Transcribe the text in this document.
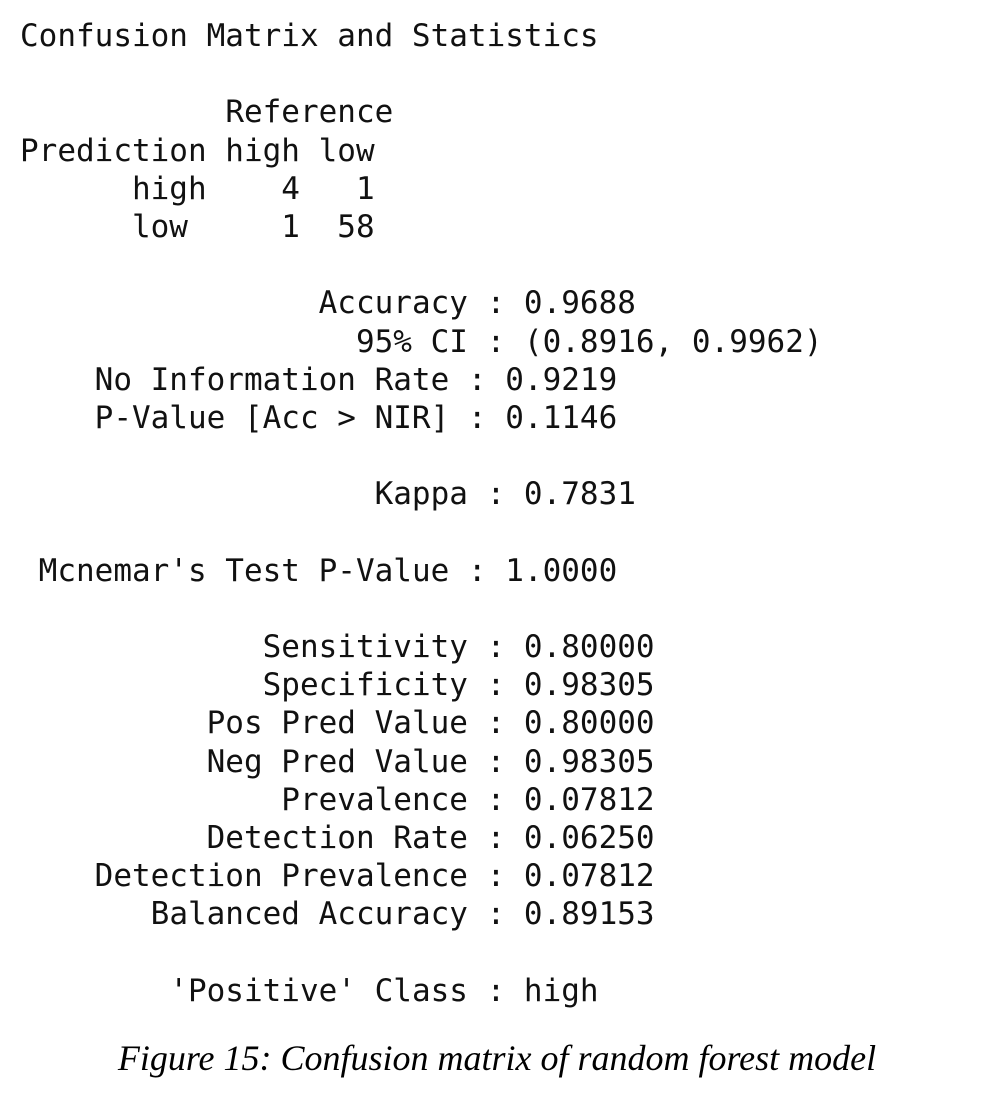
Confusion Matrix and Statistics
Reference
Prediction high low
high    4   1
low     1  58
Accuracy : 0.9688
95% CI : (0.8916, 0.9962)
No Information Rate : 0.9219
P-Value [Acc > NIR] : 0.1146
Kappa : 0.7831
Mcnemar's Test P-Value : 1.0000
Sensitivity : 0.80000
Specificity : 0.98305
Pos Pred Value : 0.80000
Neg Pred Value : 0.98305
Prevalence : 0.07812
Detection Rate : 0.06250
Detection Prevalence : 0.07812
Balanced Accuracy : 0.89153
'Positive' Class : high
Figure 15: Confusion matrix of random forest model
